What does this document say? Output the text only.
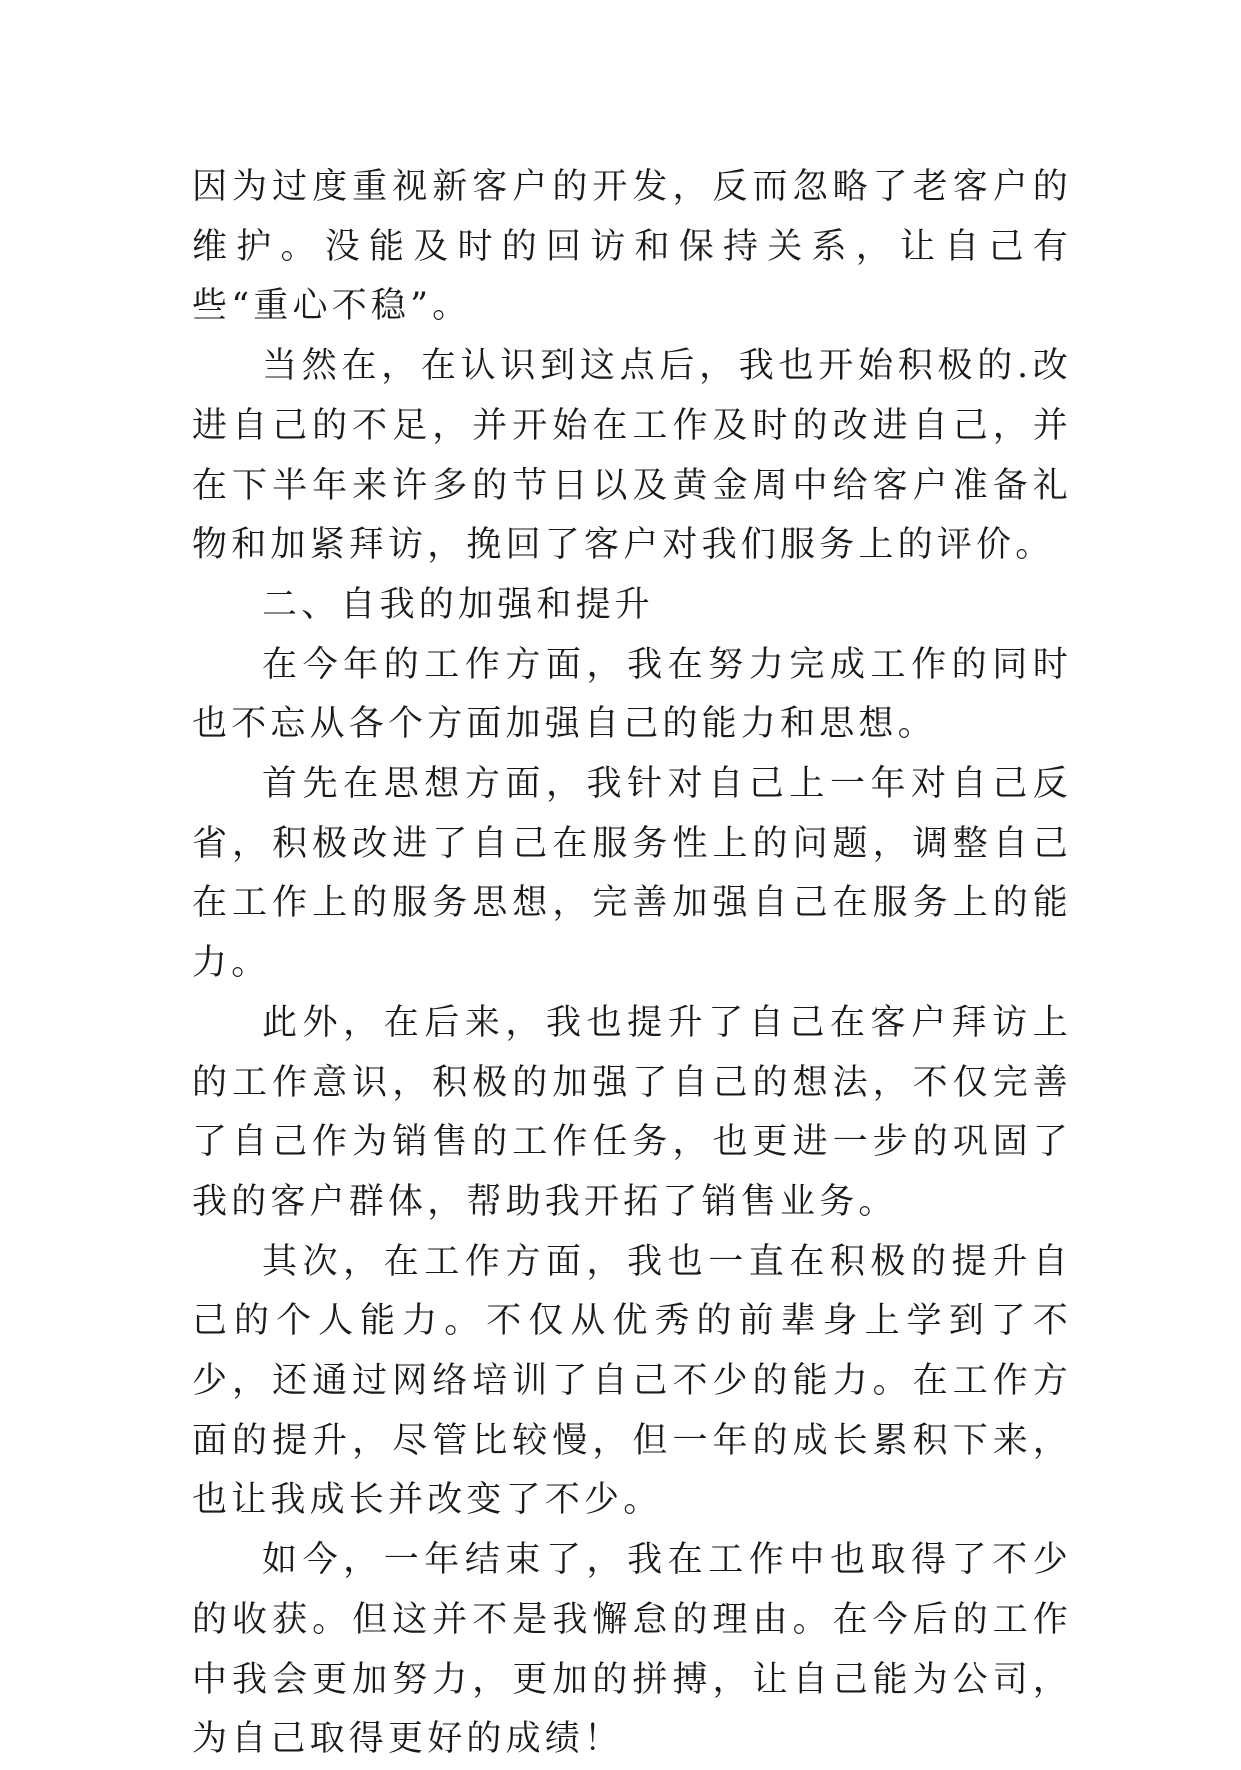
因为过度重视新客户的开发，反而忽略了老客户的维护。没能及时的回访和保持关系，让自己有些“重心不稳”。

当然在，在认识到这点后，我也开始积极的.改进自己的不足，并开始在工作及时的改进自己，并在下半年来许多的节日以及黄金周中给客户准备礼物和加紧拜访，挽回了客户对我们服务上的评价。

二、自我的加强和提升

在今年的工作方面，我在努力完成工作的同时也不忘从各个方面加强自己的能力和思想。

首先在思想方面，我针对自己上一年对自己反省，积极改进了自己在服务性上的问题，调整自己在工作上的服务思想，完善加强自己在服务上的能力。

此外，在后来，我也提升了自己在客户拜访上的工作意识，积极的加强了自己的想法，不仅完善了自己作为销售的工作任务，也更进一步的巩固了我的客户群体，帮助我开拓了销售业务。

其次，在工作方面，我也一直在积极的提升自己的个人能力。不仅从优秀的前辈身上学到了不少，还通过网络培训了自己不少的能力。在工作方面的提升，尽管比较慢，但一年的成长累积下来，也让我成长并改变了不少。

如今，一年结束了，我在工作中也取得了不少的收获。但这并不是我懈怠的理由。在今后的工作中我会更加努力，更加的拼搏，让自己能为公司，为自己取得更好的成绩！
